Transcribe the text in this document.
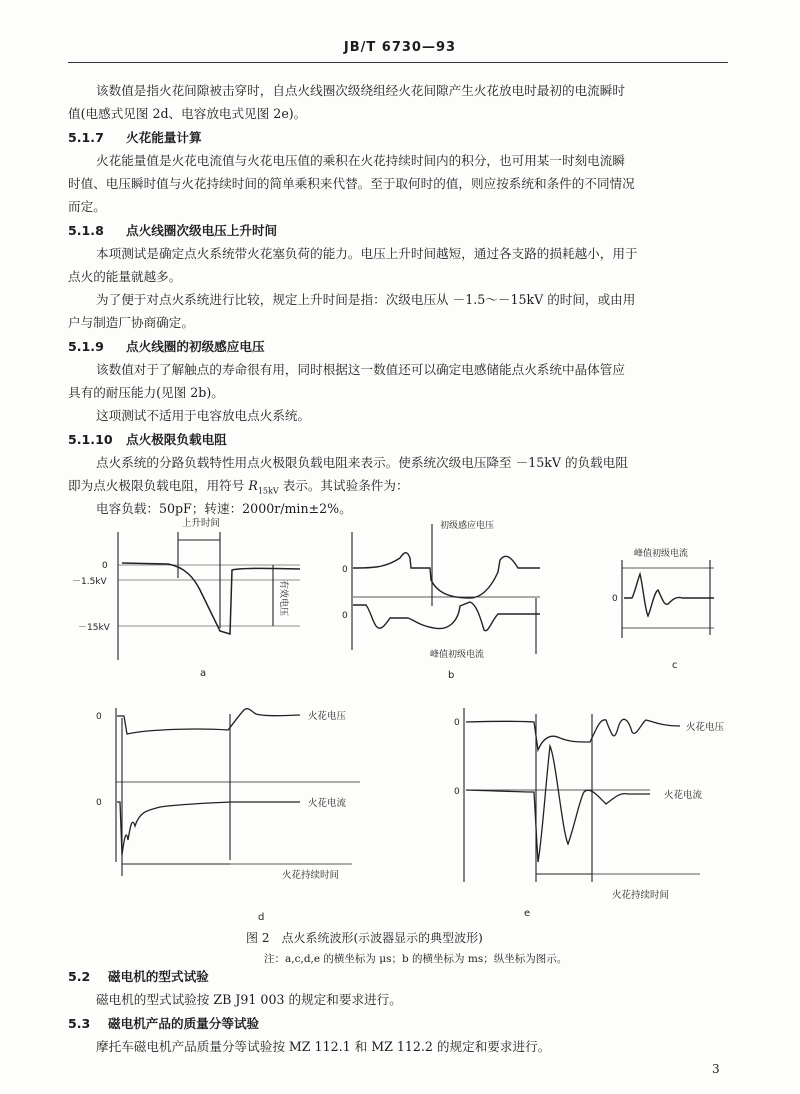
JB/T 6730—93
该数值是指火花间隙被击穿时，自点火线圈次级绕组经火花间隙产生火花放电时最初的电流瞬时
值(电感式见图 2d、电容放电式见图 2e)。
5.1.7 火花能量计算
火花能量值是火花电流值与火花电压值的乘积在火花持续时间内的积分，也可用某一时刻电流瞬
时值、电压瞬时值与火花持续时间的简单乘积来代替。至于取何时的值，则应按系统和条件的不同情况
而定。
5.1.8 点火线圈次级电压上升时间
本项测试是确定点火系统带火花塞负荷的能力。电压上升时间越短，通过各支路的损耗越小，用于
点火的能量就越多。
为了便于对点火系统进行比较，规定上升时间是指：次级电压从 －1.5～－15kV 的时间，或由用
户与制造厂协商确定。
5.1.9 点火线圈的初级感应电压
该数值对于了解触点的寿命很有用，同时根据这一数值还可以确定电感储能点火系统中晶体管应
具有的耐压能力(见图 2b)。
这项测试不适用于电容放电点火系统。
5.1.10 点火极限负载电阻
点火系统的分路负载特性用点火极限负载电阻来表示。使系统次级电压降至 －15kV 的负载电阻
即为点火极限负载电阻，用符号 $R_{15kV}$ 表示。其试验条件为：
电容负载：50pF；转速：2000r/min±2%。
上升时间
0
－1.5kV
－15kV
有效电压
a
初级感应电压
峰值初级电流
0
0
b
峰值初级电流
0
c
火花电压
火花电流
火花持续时间
0
0
d
火花电压
火花电流
火花持续时间
0
0
e
图 2　点火系统波形(示波器显示的典型波形)
注：a,c,d,e 的横坐标为 μs；b 的横坐标为 ms；纵坐标为图示。
5.2 磁电机的型式试验
磁电机的型式试验按 ZB J91 003 的规定和要求进行。
5.3 磁电机产品的质量分等试验
摩托车磁电机产品质量分等试验按 MZ 112.1 和 MZ 112.2 的规定和要求进行。
3
